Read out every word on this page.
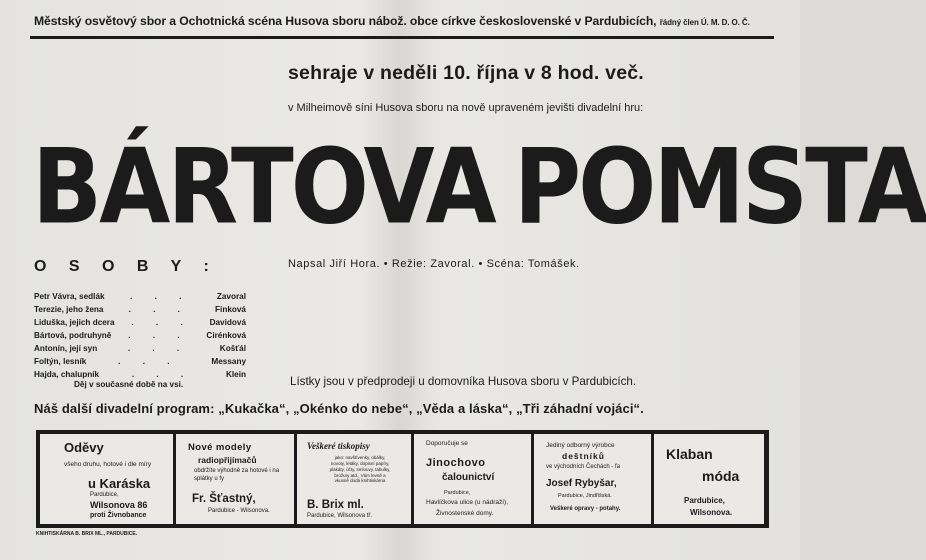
Městský osvětový sbor a Ochotnická scéna Husova sboru nábož. obce církve československé v Pardubicích, řádný člen Ú. M. D. O. Č.
sehraje v neděli 10. října v 8 hod. več.
v Milheimově síni Husova sboru na nově upraveném jevišti divadelní hru:
BÁRTOVA POMSTA
O S O B Y :	Napsal Jiří Hora. • Režie: Zavoral. • Scéna: Tomášek.
Petr Vávra, sedlák	. . .	Zavoral
Terezie, jeho žena	. . .	Finková
Liduška, jejich dcera	. . .	Davidová
Bártová, podruhyně	. . .	Cirénková
Antonín, její syn	. . .	Košťál
Foltýn, lesník	. . .	Messany
Hajda, chalupník	. . .	Klein
Děj v současné době na vsi.	Lístky jsou v předprodeji u domovníka Husova sboru v Pardubicích.
Náš další divadelní program: „Kukačka“, „Okénko do nebe“, „Věda a láska“, „Tři záhadní vojáci“.
Oděvy
všeho druhu, hotové i dle míry
u Karáska
Pardubice,
Wilsonova 86
proti Živnobance
Nové modely
radiopřijímačů
obdržíte výhodně za hotové i na splátky u fy
Fr. Šťastný,
Pardubice - Wilsonova.
Veškeré tiskopisy
jako: navštívenky, obálky, novoty, letáky, dopisní papíry, plakáty, účty, smlouvy, tabulky, brožury atd., Vám levně a vkusně dodá knihtiskárna
B. Brix ml.
Pardubice, Wilsonova tř.
Doporučuje se
Jinochovo
čalounictví
Pardubice,
Havlíčkova ulice (u nádraží),
Živnostenské domy.
Jediný odborný výrobce
deštníků
ve východních Čechách - fa
Josef Rybyšar,
Pardubice, Jindřišská.
Veškeré opravy - potahy.
Klaban
móda
Pardubice,
Wilsonova.
KNIHTISKÁRNA B. BRIX ML., PARDUBICE.
